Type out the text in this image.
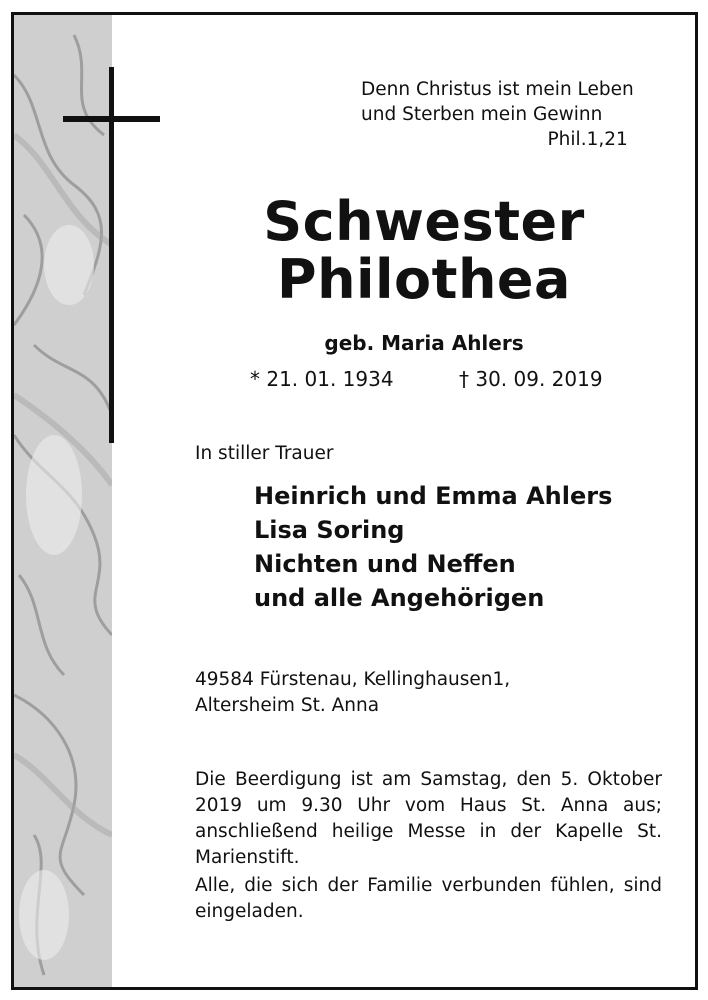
Denn Christus ist mein Leben
und Sterben mein Gewinn
Phil.1,21
Schwester
Philothea
geb. Maria Ahlers
* 21. 01. 1934	† 30. 09. 2019
In stiller Trauer
Heinrich und Emma Ahlers
Lisa Soring
Nichten und Neffen
und alle Angehörigen
49584 Fürstenau, Kellinghausen1,
Altersheim St. Anna
Die Beerdigung ist am Samstag, den 5. Oktober 2019 um 9.30 Uhr vom Haus St. Anna aus; anschließend heilige Messe in der Kapelle St. Marienstift.
Alle, die sich der Familie verbunden fühlen, sind eingeladen.
